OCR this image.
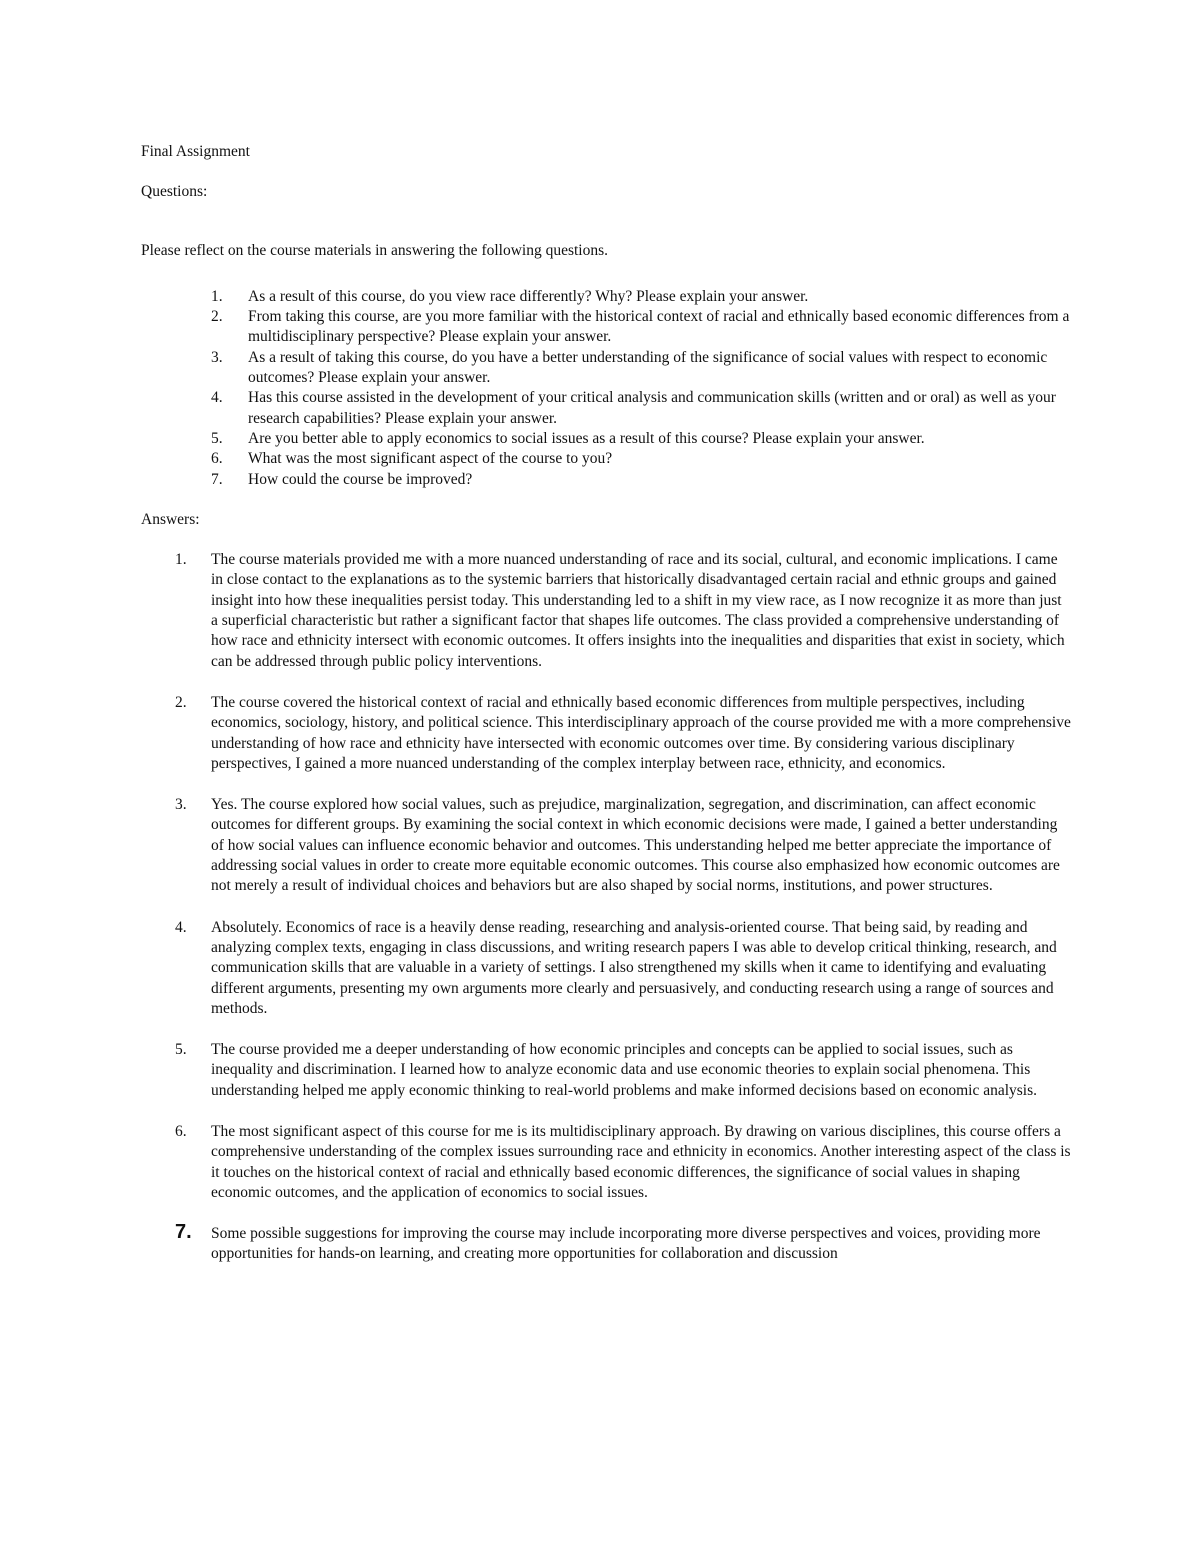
Final Assignment
Questions:
Please reflect on the course materials in answering the following questions.
1. As a result of this course, do you view race differently? Why? Please explain your answer.
2. From taking this course, are you more familiar with the historical context of racial and ethnically based economic differences from a multidisciplinary perspective? Please explain your answer.
3. As a result of taking this course, do you have a better understanding of the significance of social values with respect to economic outcomes? Please explain your answer.
4. Has this course assisted in the development of your critical analysis and communication skills (written and or oral) as well as your research capabilities? Please explain your answer.
5. Are you better able to apply economics to social issues as a result of this course? Please explain your answer.
6. What was the most significant aspect of the course to you?
7. How could the course be improved?
Answers:
1. The course materials provided me with a more nuanced understanding of race and its social, cultural, and economic implications. I came in close contact to the explanations as to the systemic barriers that historically disadvantaged certain racial and ethnic groups and gained insight into how these inequalities persist today. This understanding led to a shift in my view race, as I now recognize it as more than just a superficial characteristic but rather a significant factor that shapes life outcomes. The class provided a comprehensive understanding of how race and ethnicity intersect with economic outcomes. It offers insights into the inequalities and disparities that exist in society, which can be addressed through public policy interventions.
2. The course covered the historical context of racial and ethnically based economic differences from multiple perspectives, including economics, sociology, history, and political science. This interdisciplinary approach of the course provided me with a more comprehensive understanding of how race and ethnicity have intersected with economic outcomes over time. By considering various disciplinary perspectives, I gained a more nuanced understanding of the complex interplay between race, ethnicity, and economics.
3. Yes. The course explored how social values, such as prejudice, marginalization, segregation, and discrimination, can affect economic outcomes for different groups. By examining the social context in which economic decisions were made, I gained a better understanding of how social values can influence economic behavior and outcomes. This understanding helped me better appreciate the importance of addressing social values in order to create more equitable economic outcomes. This course also emphasized how economic outcomes are not merely a result of individual choices and behaviors but are also shaped by social norms, institutions, and power structures.
4. Absolutely. Economics of race is a heavily dense reading, researching and analysis-oriented course. That being said, by reading and analyzing complex texts, engaging in class discussions, and writing research papers I was able to develop critical thinking, research, and communication skills that are valuable in a variety of settings. I also strengthened my skills when it came to identifying and evaluating different arguments, presenting my own arguments more clearly and persuasively, and conducting research using a range of sources and methods.
5. The course provided me a deeper understanding of how economic principles and concepts can be applied to social issues, such as inequality and discrimination. I learned how to analyze economic data and use economic theories to explain social phenomena. This understanding helped me apply economic thinking to real-world problems and make informed decisions based on economic analysis.
6. The most significant aspect of this course for me is its multidisciplinary approach. By drawing on various disciplines, this course offers a comprehensive understanding of the complex issues surrounding race and ethnicity in economics. Another interesting aspect of the class is it touches on the historical context of racial and ethnically based economic differences, the significance of social values in shaping economic outcomes, and the application of economics to social issues.
7. Some possible suggestions for improving the course may include incorporating more diverse perspectives and voices, providing more opportunities for hands-on learning, and creating more opportunities for collaboration and discussion
